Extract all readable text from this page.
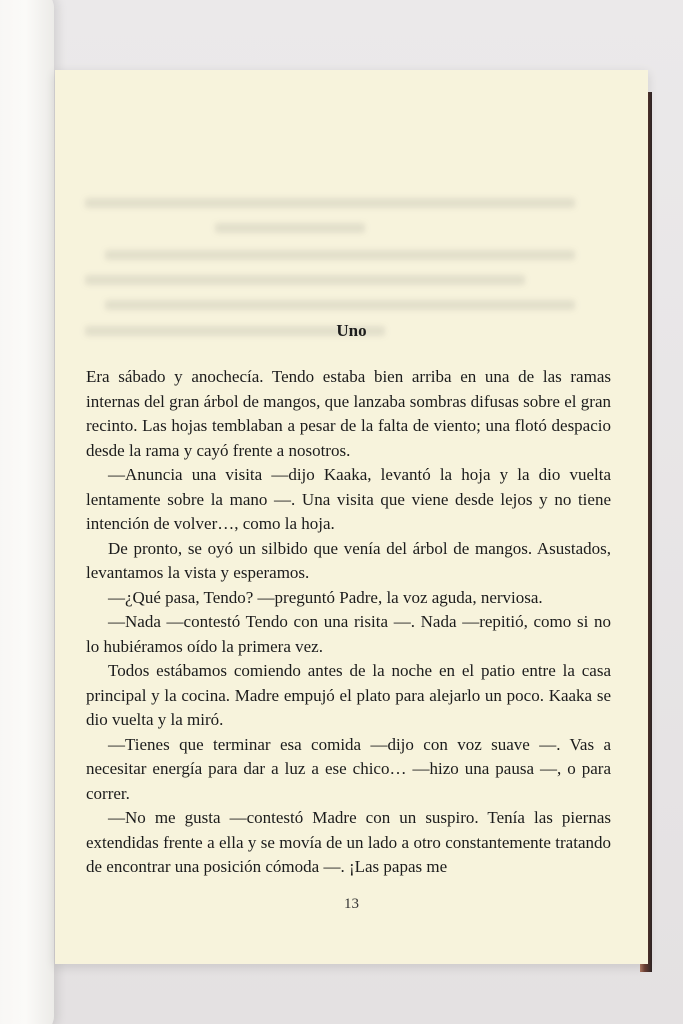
Uno

Era sábado y anochecía. Tendo estaba bien arriba en una de las ramas internas del gran árbol de mangos, que lanzaba sombras difusas sobre el gran recinto. Las hojas temblaban a pesar de la falta de viento; una flotó despacio desde la rama y cayó frente a nosotros.

—Anuncia una visita —dijo Kaaka, levantó la hoja y la dio vuelta lentamente sobre la mano —. Una visita que viene desde lejos y no tiene intención de volver…, como la hoja.

De pronto, se oyó un silbido que venía del árbol de mangos. Asustados, levantamos la vista y esperamos.

—¿Qué pasa, Tendo? —preguntó Padre, la voz aguda, nerviosa.

—Nada —contestó Tendo con una risita —. Nada —repitió, como si no lo hubiéramos oído la primera vez.

Todos estábamos comiendo antes de la noche en el patio entre la casa principal y la cocina. Madre empujó el plato para alejarlo un poco. Kaaka se dio vuelta y la miró.

—Tienes que terminar esa comida —dijo con voz suave —. Vas a necesitar energía para dar a luz a ese chico… —hizo una pausa —, o para correr.

—No me gusta —contestó Madre con un suspiro. Tenía las piernas extendidas frente a ella y se movía de un lado a otro constantemente tratando de encontrar una posición cómoda —. ¡Las papas me

13
